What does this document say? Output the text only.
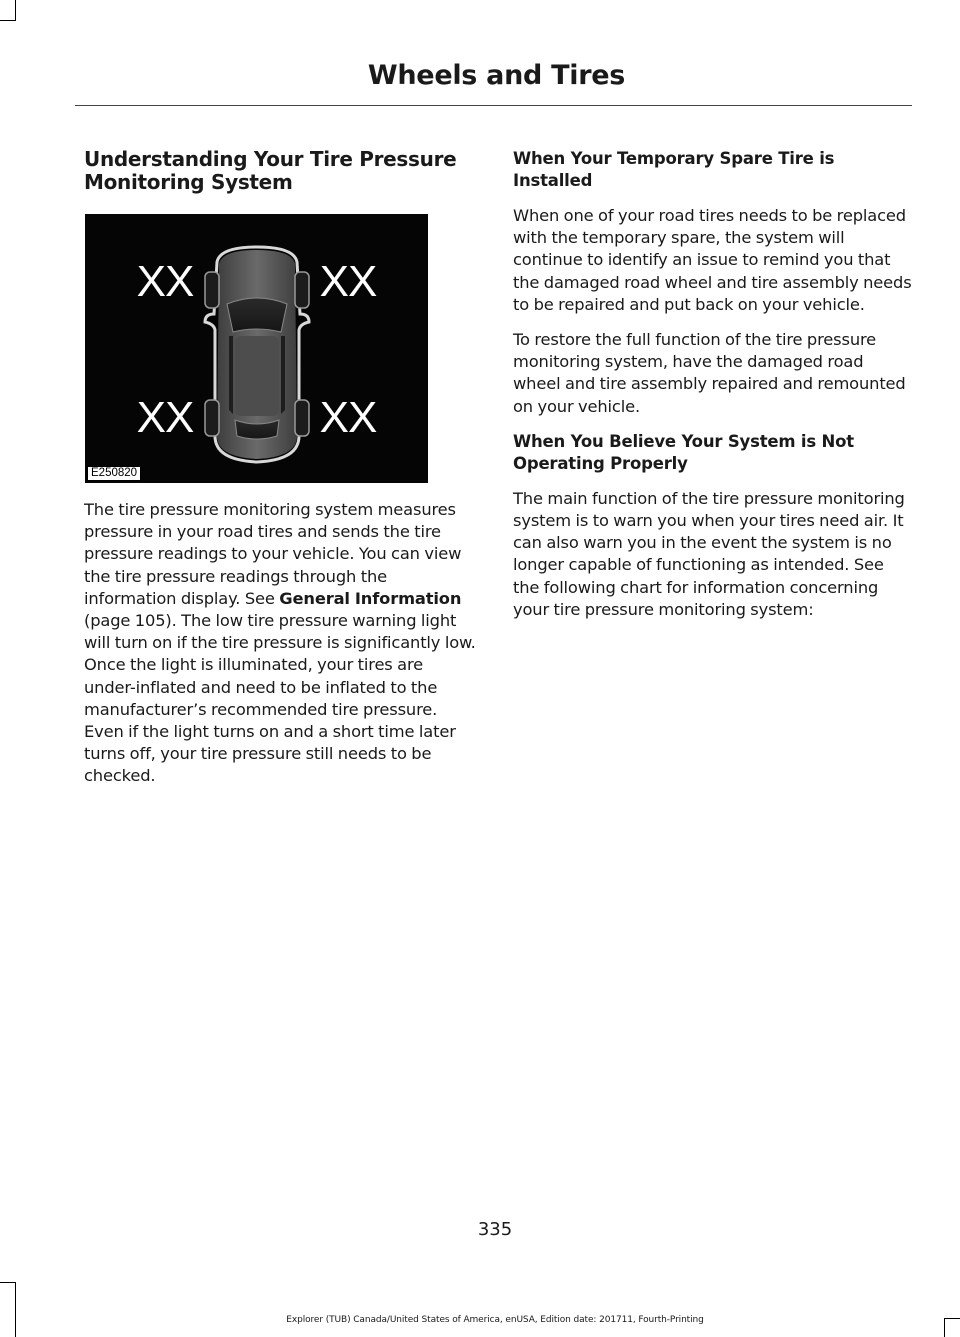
Wheels and Tires
Understanding Your Tire Pressure Monitoring System
XX	XX
XX	XX
E250820

The tire pressure monitoring system measures pressure in your road tires and sends the tire pressure readings to your vehicle. You can view the tire pressure readings through the information display. See General Information (page 105). The low tire pressure warning light will turn on if the tire pressure is significantly low. Once the light is illuminated, your tires are under-inflated and need to be inflated to the manufacturer’s recommended tire pressure. Even if the light turns on and a short time later turns off, your tire pressure still needs to be checked.

When Your Temporary Spare Tire is Installed

When one of your road tires needs to be replaced with the temporary spare, the system will continue to identify an issue to remind you that the damaged road wheel and tire assembly needs to be repaired and put back on your vehicle.

To restore the full function of the tire pressure monitoring system, have the damaged road wheel and tire assembly repaired and remounted on your vehicle.

When You Believe Your System is Not Operating Properly

The main function of the tire pressure monitoring system is to warn you when your tires need air. It can also warn you in the event the system is no longer capable of functioning as intended. See the following chart for information concerning your tire pressure monitoring system:

335
Explorer (TUB) Canada/United States of America, enUSA, Edition date: 201711, Fourth-Printing
